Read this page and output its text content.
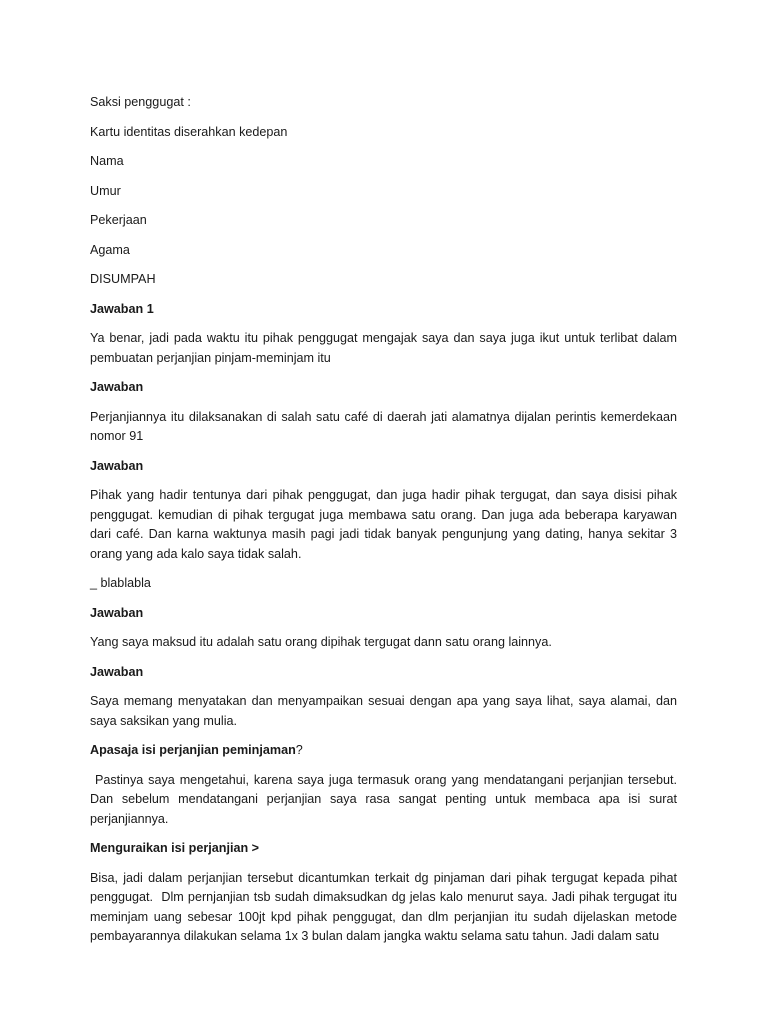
Saksi penggugat :

Kartu identitas diserahkan kedepan

Nama

Umur

Pekerjaan

Agama

DISUMPAH

Jawaban 1

Ya benar, jadi pada waktu itu pihak penggugat mengajak saya dan saya juga ikut untuk terlibat dalam pembuatan perjanjian pinjam-meminjam itu

Jawaban

Perjanjiannya itu dilaksanakan di salah satu café di daerah jati alamatnya dijalan perintis kemerdekaan nomor 91

Jawaban

Pihak yang hadir tentunya dari pihak penggugat, dan juga hadir pihak tergugat, dan saya disisi pihak penggugat. kemudian di pihak tergugat juga membawa satu orang. Dan juga ada beberapa karyawan dari café. Dan karna waktunya masih pagi jadi tidak banyak pengunjung yang dating, hanya sekitar 3 orang yang ada kalo saya tidak salah.

_ blablabla

Jawaban

Yang saya maksud itu adalah satu orang dipihak tergugat dann satu orang lainnya.

Jawaban

Saya memang menyatakan dan menyampaikan sesuai dengan apa yang saya lihat, saya alamai, dan saya saksikan yang mulia.

Apasaja isi perjanjian peminjaman?

Pastinya saya mengetahui, karena saya juga termasuk orang yang mendatangani perjanjian tersebut. Dan sebelum mendatangani perjanjian saya rasa sangat penting untuk membaca apa isi surat perjanjiannya.

Menguraikan isi perjanjian >

Bisa, jadi dalam perjanjian tersebut dicantumkan terkait dg pinjaman dari pihak tergugat kepada pihat penggugat.  Dlm pernjanjian tsb sudah dimaksudkan dg jelas kalo menurut saya. Jadi pihak tergugat itu meminjam uang sebesar 100jt kpd pihak penggugat, dan dlm perjanjian itu sudah dijelaskan metode pembayarannya dilakukan selama 1x 3 bulan dalam jangka waktu selama satu tahun. Jadi dalam satu
